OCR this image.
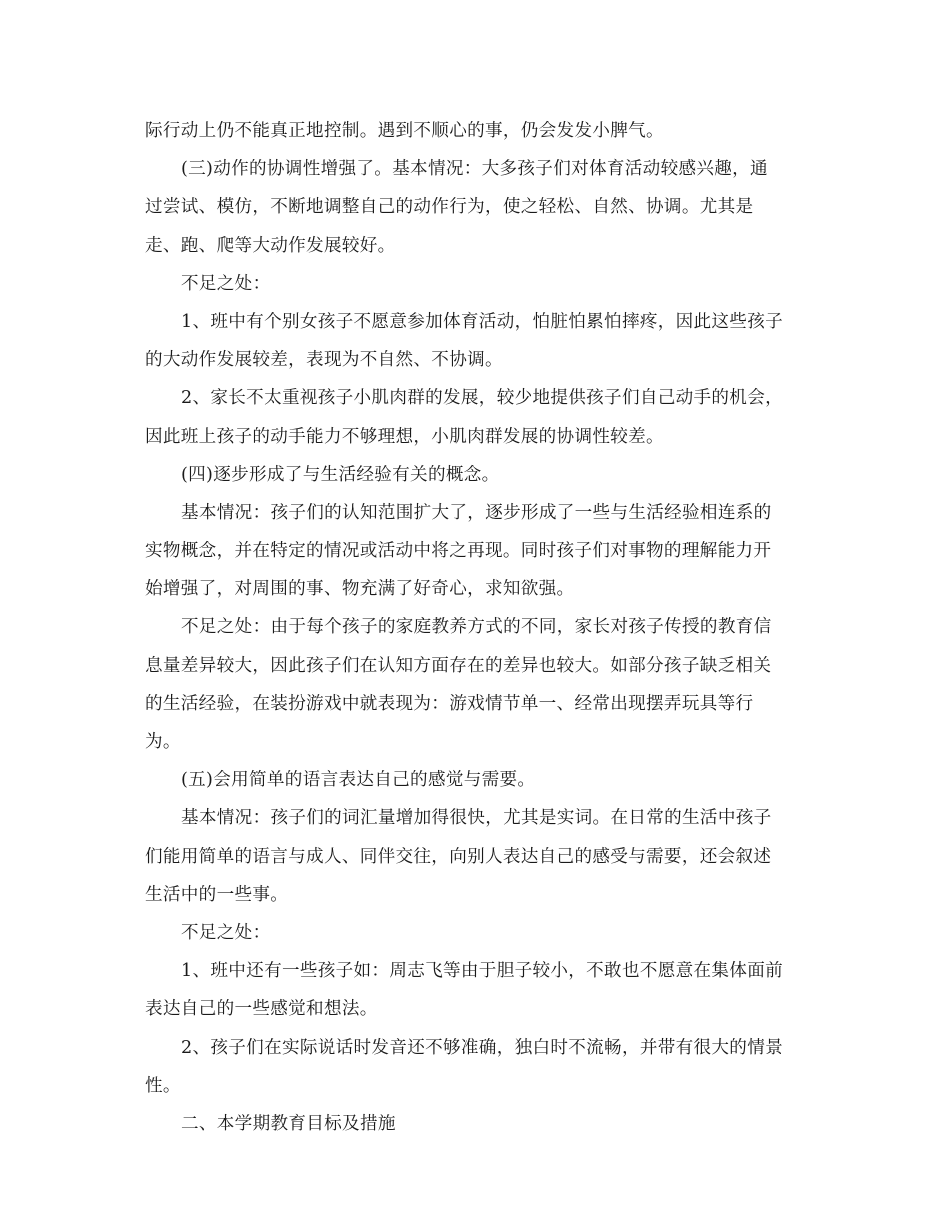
际行动上仍不能真正地控制。遇到不顺心的事，仍会发发小脾气。
(三)动作的协调性增强了。基本情况：大多孩子们对体育活动较感兴趣，通
过尝试、模仿，不断地调整自己的动作行为，使之轻松、自然、协调。尤其是
走、跑、爬等大动作发展较好。
不足之处：
1、班中有个别女孩子不愿意参加体育活动，怕脏怕累怕摔疼，因此这些孩子
的大动作发展较差，表现为不自然、不协调。
2、家长不太重视孩子小肌肉群的发展，较少地提供孩子们自己动手的机会，
因此班上孩子的动手能力不够理想，小肌肉群发展的协调性较差。
(四)逐步形成了与生活经验有关的概念。
基本情况：孩子们的认知范围扩大了，逐步形成了一些与生活经验相连系的
实物概念，并在特定的情况或活动中将之再现。同时孩子们对事物的理解能力开
始增强了，对周围的事、物充满了好奇心，求知欲强。
不足之处：由于每个孩子的家庭教养方式的不同，家长对孩子传授的教育信
息量差异较大，因此孩子们在认知方面存在的差异也较大。如部分孩子缺乏相关
的生活经验，在装扮游戏中就表现为：游戏情节单一、经常出现摆弄玩具等行
为。
(五)会用简单的语言表达自己的感觉与需要。
基本情况：孩子们的词汇量增加得很快，尤其是实词。在日常的生活中孩子
们能用简单的语言与成人、同伴交往，向别人表达自己的感受与需要，还会叙述
生活中的一些事。
不足之处：
1、班中还有一些孩子如：周志飞等由于胆子较小，不敢也不愿意在集体面前
表达自己的一些感觉和想法。
2、孩子们在实际说话时发音还不够准确，独白时不流畅，并带有很大的情景
性。
二、本学期教育目标及措施
